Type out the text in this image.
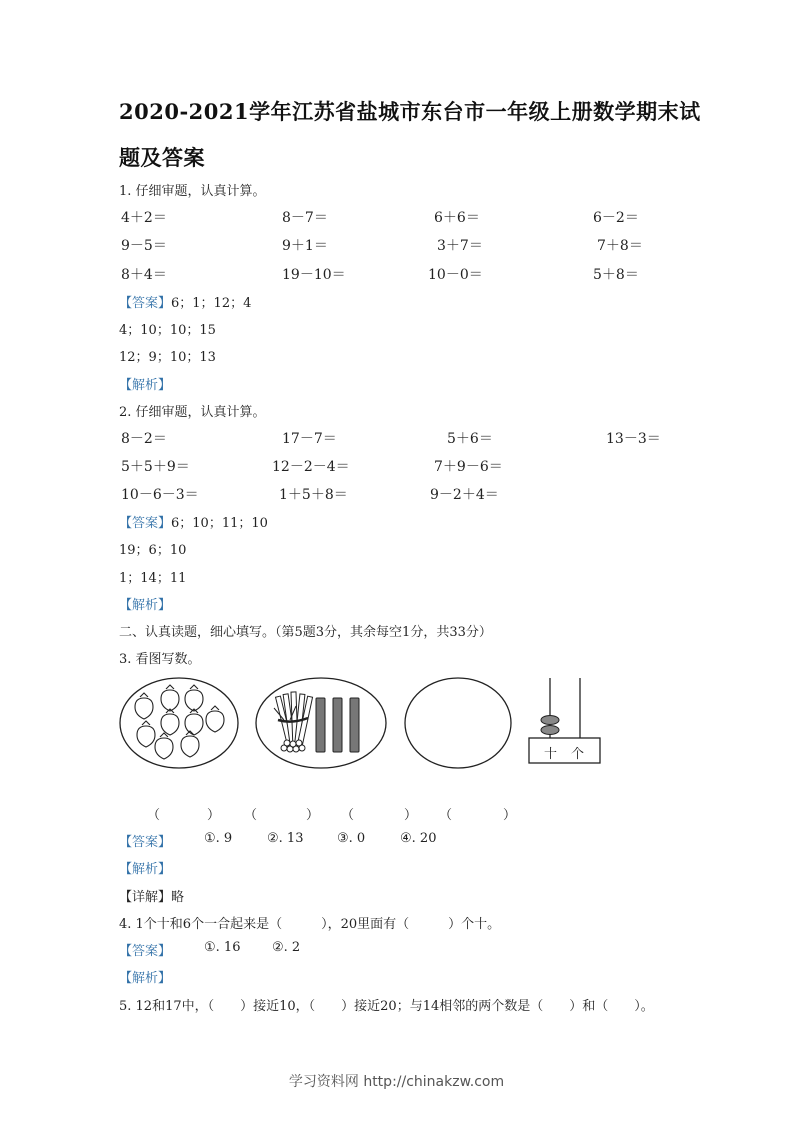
2020-2021学年江苏省盐城市东台市一年级上册数学期末试
题及答案
1. 仔细审题，认真计算。
4＋2＝	8－7＝	6＋6＝	6－2＝
9－5＝	9＋1＝	3＋7＝	7＋8＝
8＋4＝	19－10＝	10－0＝	5＋8＝
【答案】6；1；12；4
4；10；10；15
12；9；10；13
【解析】
2. 仔细审题，认真计算。
8－2＝	17－7＝	5＋6＝	13－3＝
5＋5＋9＝	12－2－4＝	7＋9－6＝
10－6－3＝	1＋5＋8＝	9－2＋4＝
【答案】6；10；11；10
19；6；10
1；14；11
【解析】
二、认真读题，细心填写。（第5题3分，其余每空1分，共33分）
3. 看图写数。
十 个
（	） （	） （	） （	）
【答案】	①. 9	②. 13	③. 0	④. 20
【解析】
【详解】略
4. 1个十和6个一合起来是（　　　），20里面有（　　　）个十。
【答案】	①. 16 ②. 2
【解析】
5. 12和17中，（　　）接近10，（　　）接近20；与14相邻的两个数是（　　）和（　　）。
学习资料网 http://chinakzw.com
